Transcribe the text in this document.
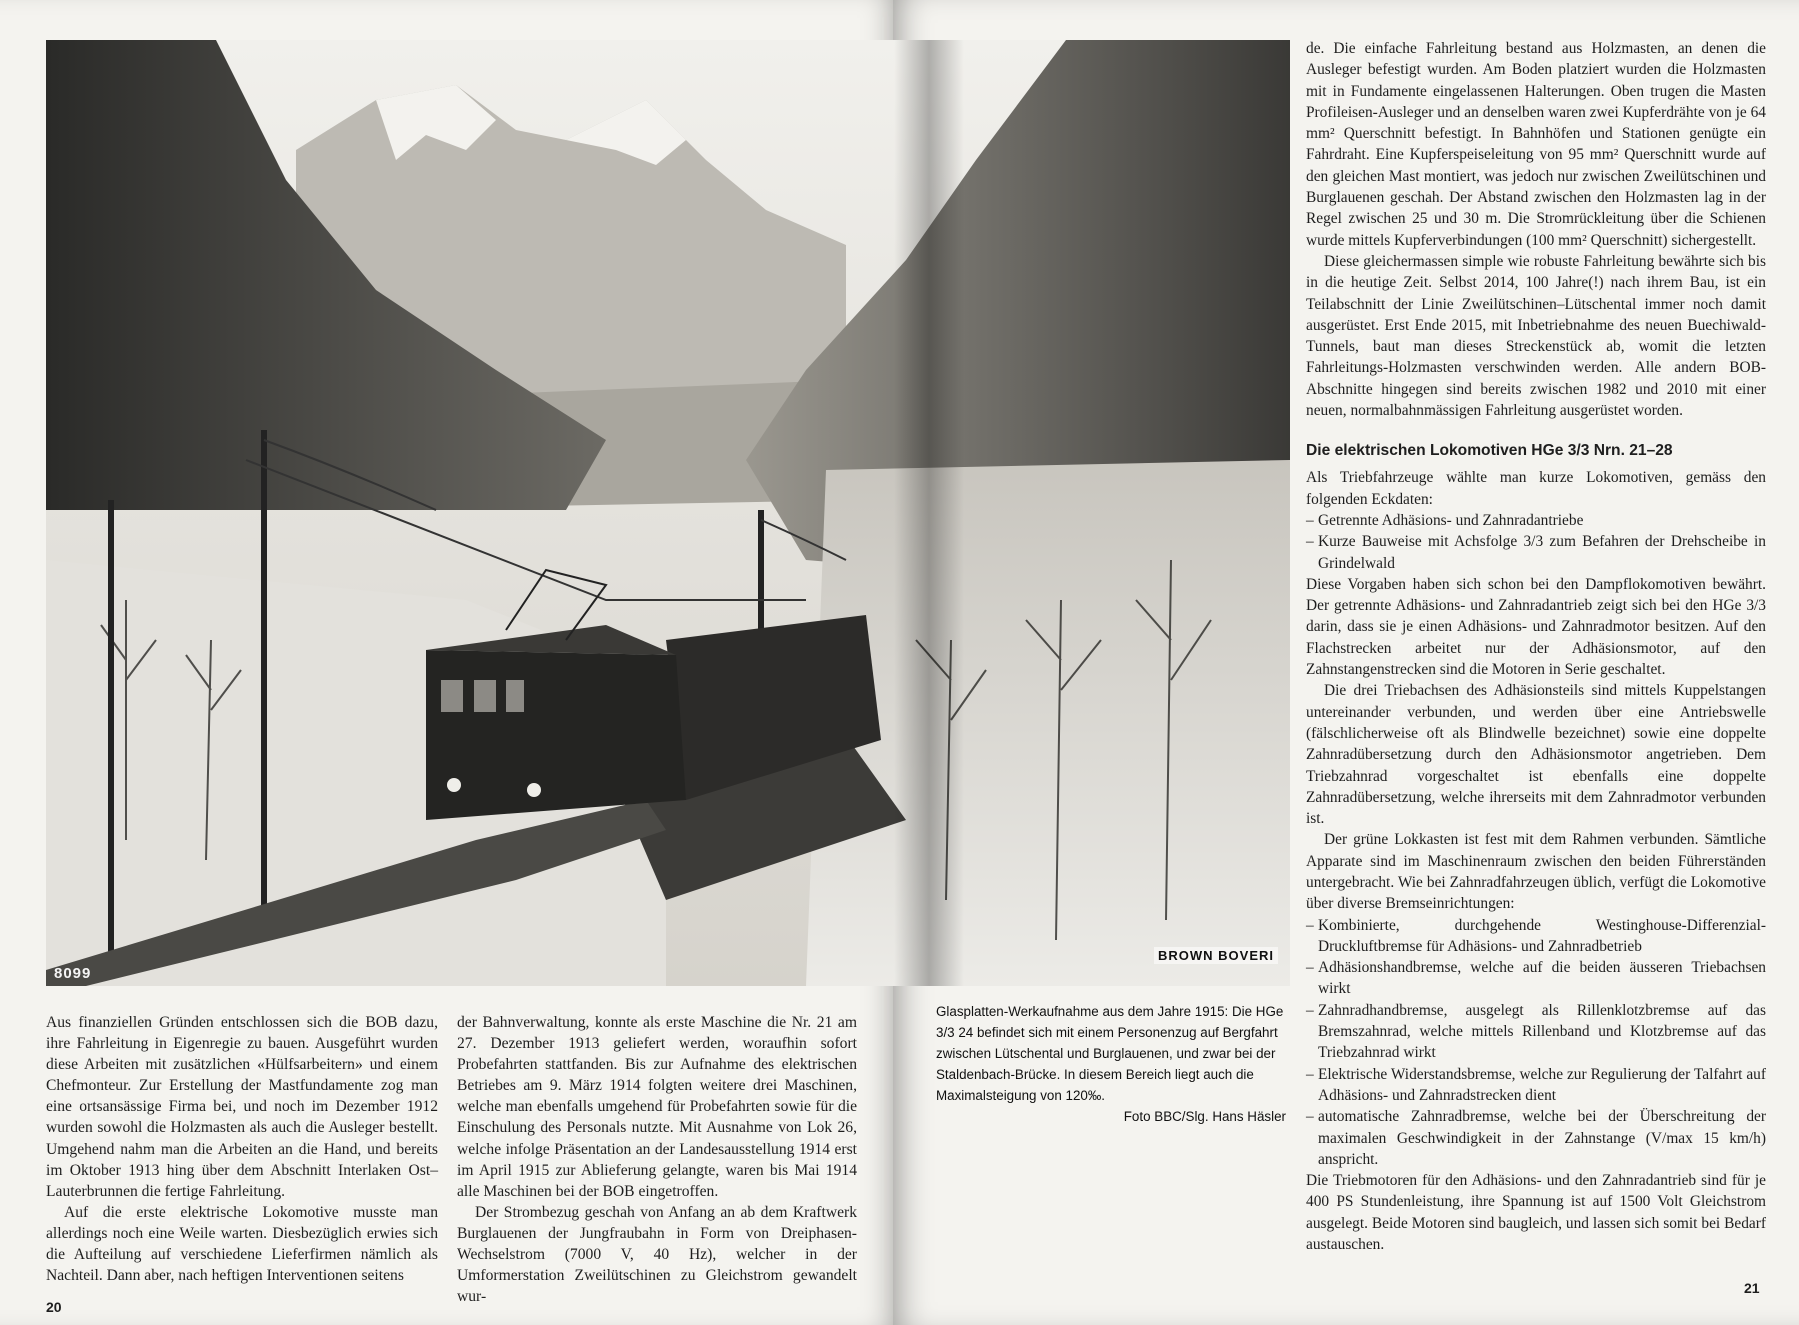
BROWN BOVERI
8099

Aus finanziellen Gründen entschlossen sich die BOB dazu, ihre Fahrleitung in Eigenregie zu bauen. Ausgeführt wurden diese Arbeiten mit zusätzlichen «Hülfsarbeitern» und einem Chefmonteur. Zur Erstellung der Mastfundamente zog man eine ortsansässige Firma bei, und noch im Dezember 1912 wurden sowohl die Holzmasten als auch die Ausleger bestellt. Umgehend nahm man die Arbeiten an die Hand, und bereits im Oktober 1913 hing über dem Abschnitt Interlaken Ost–Lauterbrunnen die fertige Fahrleitung.

Auf die erste elektrische Lokomotive musste man allerdings noch eine Weile warten. Diesbezüglich erwies sich die Aufteilung auf verschiedene Lieferfirmen nämlich als Nachteil. Dann aber, nach heftigen Interventionen seitens

der Bahnverwaltung, konnte als erste Maschine die Nr. 21 am 27. Dezember 1913 geliefert werden, woraufhin sofort Probefahrten stattfanden. Bis zur Aufnahme des elektrischen Betriebes am 9. März 1914 folgten weitere drei Maschinen, welche man ebenfalls umgehend für Probefahrten sowie für die Einschulung des Personals nutzte. Mit Ausnahme von Lok 26, welche infolge Präsentation an der Landesausstellung 1914 erst im April 1915 zur Ablieferung gelangte, waren bis Mai 1914 alle Maschinen bei der BOB eingetroffen.

Der Strombezug geschah von Anfang an ab dem Kraftwerk Burglauenen der Jungfraubahn in Form von Dreiphasen-Wechselstrom (7000 V, 40 Hz), welcher in der Umformerstation Zweilütschinen zu Gleichstrom gewandelt wur-

20
Glasplatten-Werkaufnahme aus dem Jahre 1915: Die HGe 3/3 24 befindet sich mit einem Personenzug auf Bergfahrt zwischen Lütschental und Burglauenen, und zwar bei der Staldenbach-Brücke. In diesem Bereich liegt auch die Maximalsteigung von 120‰.
Foto BBC/Slg. Hans Häsler

de. Die einfache Fahrleitung bestand aus Holzmasten, an denen die Ausleger befestigt wurden. Am Boden platziert wurden die Holzmasten mit in Fundamente eingelassenen Halterungen. Oben trugen die Masten Profileisen-Ausleger und an denselben waren zwei Kupferdrähte von je 64 mm² Querschnitt befestigt. In Bahnhöfen und Stationen genügte ein Fahrdraht. Eine Kupferspeiseleitung von 95 mm² Querschnitt wurde auf den gleichen Mast montiert, was jedoch nur zwischen Zweilütschinen und Burglauenen geschah. Der Abstand zwischen den Holzmasten lag in der Regel zwischen 25 und 30 m. Die Stromrückleitung über die Schienen wurde mittels Kupferverbindungen (100 mm² Querschnitt) sichergestellt.

Diese gleichermassen simple wie robuste Fahrleitung bewährte sich bis in die heutige Zeit. Selbst 2014, 100 Jahre(!) nach ihrem Bau, ist ein Teilabschnitt der Linie Zweilütschinen–Lütschental immer noch damit ausgerüstet. Erst Ende 2015, mit Inbetriebnahme des neuen Buechiwald-Tunnels, baut man dieses Streckenstück ab, womit die letzten Fahrleitungs-Holzmasten verschwinden werden. Alle andern BOB-Abschnitte hingegen sind bereits zwischen 1982 und 2010 mit einer neuen, normalbahnmässigen Fahrleitung ausgerüstet worden.

Die elektrischen Lokomotiven HGe 3/3 Nrn. 21–28

Als Triebfahrzeuge wählte man kurze Lokomotiven, gemäss den folgenden Eckdaten:

– Getrennte Adhäsions- und Zahnradantriebe
– Kurze Bauweise mit Achsfolge 3/3 zum Befahren der Drehscheibe in Grindelwald

Diese Vorgaben haben sich schon bei den Dampflokomotiven bewährt. Der getrennte Adhäsions- und Zahnradantrieb zeigt sich bei den HGe 3/3 darin, dass sie je einen Adhäsions- und Zahnradmotor besitzen. Auf den Flachstrecken arbeitet nur der Adhäsionsmotor, auf den Zahnstangenstrecken sind die Motoren in Serie geschaltet.

Die drei Triebachsen des Adhäsionsteils sind mittels Kuppelstangen untereinander verbunden, und werden über eine Antriebswelle (fälschlicherweise oft als Blindwelle bezeichnet) sowie eine doppelte Zahnradübersetzung durch den Adhäsionsmotor angetrieben. Dem Triebzahnrad vorgeschaltet ist ebenfalls eine doppelte Zahnradübersetzung, welche ihrerseits mit dem Zahnradmotor verbunden ist.

Der grüne Lokkasten ist fest mit dem Rahmen verbunden. Sämtliche Apparate sind im Maschinenraum zwischen den beiden Führerständen untergebracht. Wie bei Zahnradfahrzeugen üblich, verfügt die Lokomotive über diverse Bremseinrichtungen:

– Kombinierte, durchgehende Westinghouse-Differenzial-Druckluftbremse für Adhäsions- und Zahnradbetrieb
– Adhäsionshandbremse, welche auf die beiden äusseren Triebachsen wirkt
– Zahnradhandbremse, ausgelegt als Rillenklotzbremse auf das Bremszahnrad, welche mittels Rillenband und Klotzbremse auf das Triebzahnrad wirkt
– Elektrische Widerstandsbremse, welche zur Regulierung der Talfahrt auf Adhäsions- und Zahnradstrecken dient
– automatische Zahnradbremse, welche bei der Überschreitung der maximalen Geschwindigkeit in der Zahnstange (V/max 15 km/h) anspricht.

Die Triebmotoren für den Adhäsions- und den Zahnradantrieb sind für je 400 PS Stundenleistung, ihre Spannung ist auf 1500 Volt Gleichstrom ausgelegt. Beide Motoren sind baugleich, und lassen sich somit bei Bedarf austauschen.

21
